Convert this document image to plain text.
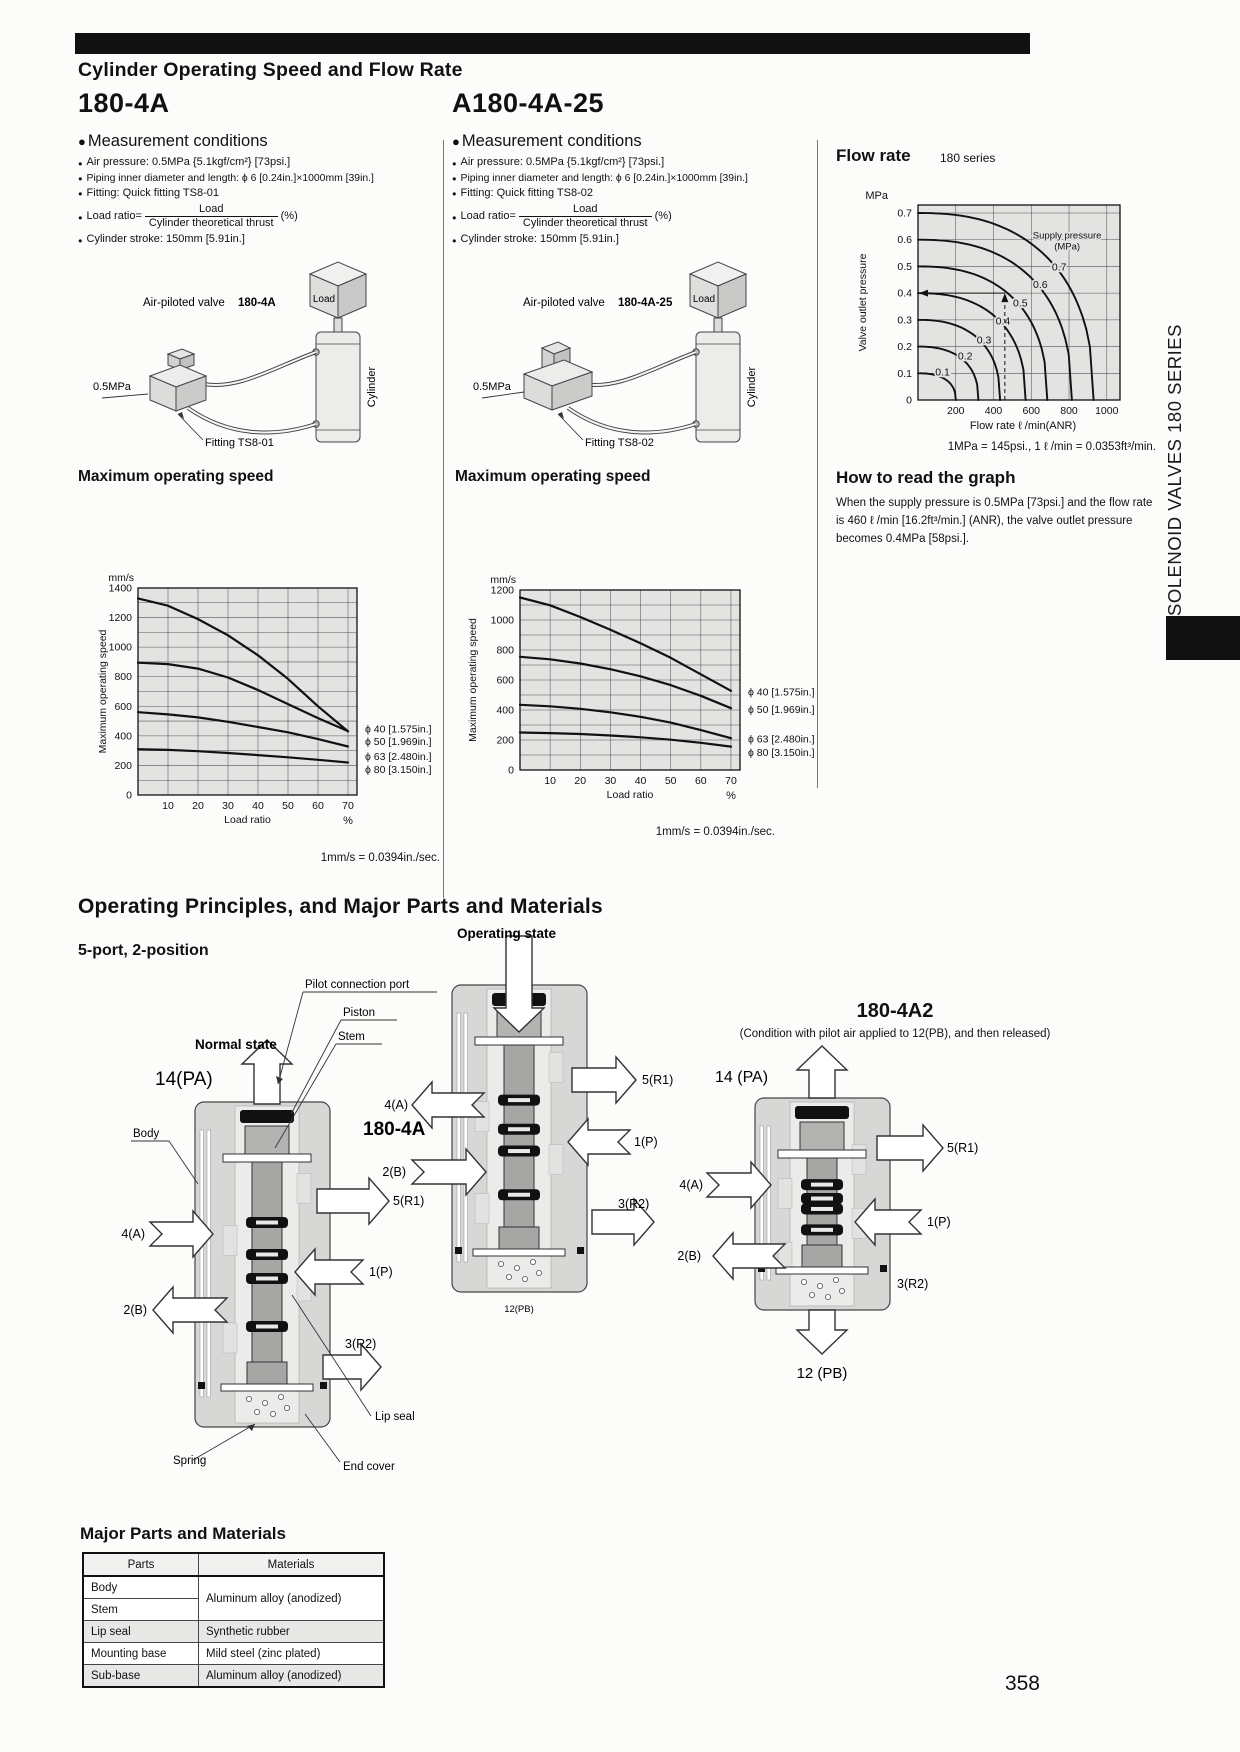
Cylinder Operating Speed and Flow Rate
180-4A	A180-4A-25
● Measurement conditions
● Air pressure: 0.5MPa {5.1kgf/cm²} [73psi.]
● Piping inner diameter and length: ϕ 6 [0.24in.]×1000mm [39in.]
● Fitting: Quick fitting TS8-01
● Load ratio= $\frac{\text{Load}}{\text{Cylinder theoretical thrust}}$ (%)
● Cylinder stroke: 150mm [5.91in.]
● Measurement conditions
● Air pressure: 0.5MPa {5.1kgf/cm²} [73psi.]
● Piping inner diameter and length: ϕ 6 [0.24in.]×1000mm [39in.]
● Fitting: Quick fitting TS8-02
● Load ratio= $\frac{\text{Load}}{\text{Cylinder theoretical thrust}}$ (%)
● Cylinder stroke: 150mm [5.91in.]
Load
Cylinder
Air-piloted valve 180-4A
0.5MPa
Fitting TS8-01
Load
Cylinder
Air-piloted valve 180-4A-25
0.5MPa
Fitting TS8-02
Maximum operating speed	Maximum operating speed
0
200
400
600
800
1000
1200
1400
mm/s
10 20 30 40 50 60 70
Load ratio	%
Maximum operating speed	ϕ 40 [1.575in.]
ϕ 50 [1.969in.]
ϕ 63 [2.480in.]
ϕ 80 [3.150in.]	0
200
400
600
800
1000
1200
mm/s
10 20 30 40 50 60 70
Load ratio	%
Maximum operating speed	ϕ 40 [1.575in.]
ϕ 50 [1.969in.]
ϕ 63 [2.480in.]
ϕ 80 [3.150in.]
1mm/s = 0.0394in./sec.
1mm/s = 0.0394in./sec.
Flow rate 180 series
0
0.1
0.2
0.3
0.4
0.5
0.6
0.7
MPa
200 400 600 800 1000
Flow rate ℓ /min(ANR)
Valve outlet pressure
0.1
0.2
0.3
0.4
0.5
0.6
0.7
Supply pressure
(MPa)
1MPa = 145psi., 1 ℓ /min = 0.0353ft³/min.
How to read the graph
When the supply pressure is 0.5MPa [73psi.] and the flow rate is 460 ℓ /min [16.2ft³/min.] (ANR), the valve outlet pressure becomes 0.4MPa [58psi.].	SOLENOID VALVES 180 SERIES
Operating Principles, and Major Parts and Materials
5-port, 2-position
Pilot connection port
Piston
Stem
Normal state
14(PA)
Body	180-4A
5(R1)
4(A)
1(P)
2(B)
3(R2)
Lip seal
Spring	End cover
Operating state
5(R1)
4(A)
1(P)
2(B)
3(R2)
12(PB)
180-4A2
(Condition with pilot air applied to 12(PB), and then released)
14 (PA)
5(R1)
4(A)
1(P)
2(B)
3(R2)
12 (PB)
Major Parts and Materials
Parts	Materials
Body	Aluminum alloy (anodized)
Stem	
Lip seal	Synthetic rubber
Mounting base	Mild steel (zinc plated)
Sub-base	Aluminum alloy (anodized)	358
